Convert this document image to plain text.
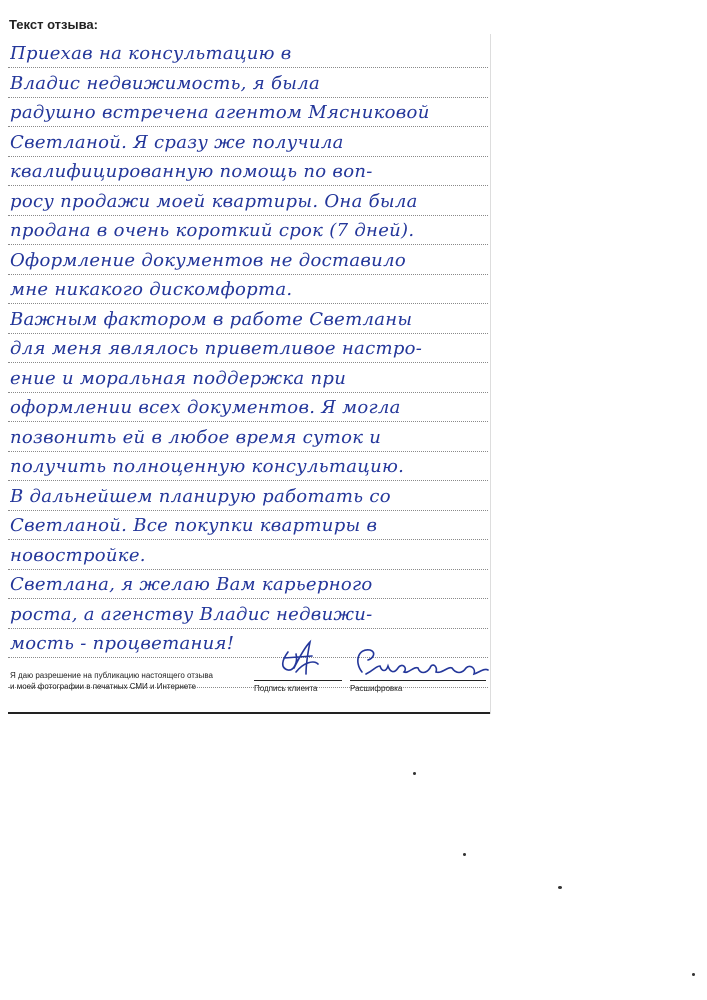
Текст отзыва:
Приехав на консультацию в
Владис недвижимость, я была
радушно встречена агентом Мясниковой
Светланой. Я сразу же получила
квалифицированную помощь по воп-
росу продажи моей квартиры. Она была
продана в очень короткий срок (7 дней).
Оформление документов не доставило
мне никакого дискомфорта.
Важным фактором в работе Светланы
для меня являлось приветливое настро-
ение и моральная поддержка при
оформлении всех документов. Я могла
позвонить ей в любое время суток и
получить полноценную консультацию.
В дальнейшем планирую работать со
Светланой. Все покупки квартиры в
новостройке.
Светлана, я желаю Вам карьерного
роста, а агенству Владис недвижи-
мость - процветания!
Я даю разрешение на публикацию настоящего отзыва
и моей фотографии в печатных СМИ и Интернете	Подпись клиента	Расшифровка
